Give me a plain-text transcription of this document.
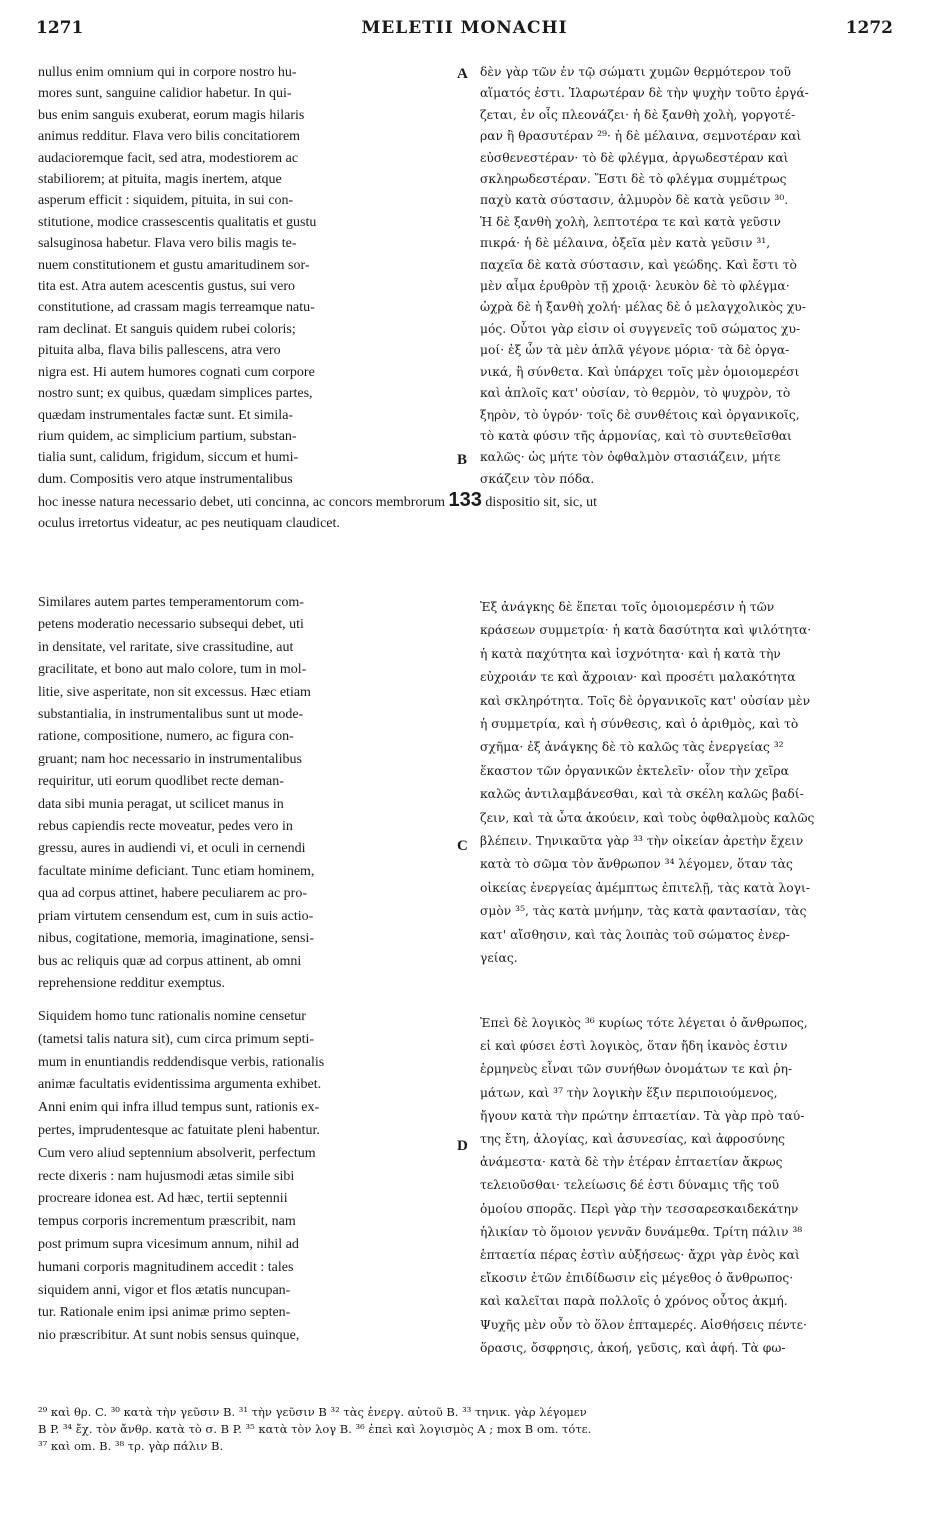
1271	MELETII MONACHI	1272
A
B
C
D
nullus enim omnium qui in corpore nostro hu-
mores sunt, sanguine calidior habetur. In qui-
bus enim sanguis exuberat, eorum magis hilaris
animus redditur. Flava vero bilis concitatiorem
audacioremque facit, sed atra, modestiorem ac
stabiliorem; at pituita, magis inertem, atque
asperum efficit : siquidem, pituita, in sui con-
stitutione, modice crassescentis qualitatis et gustu
salsuginosa habetur. Flava vero bilis magis te-
nuem constitutionem et gustu amaritudinem sor-
tita est. Atra autem acescentis gustus, sui vero
constitutione, ad crassam magis terreamque natu-
ram declinat. Et sanguis quidem rubei coloris;
pituita alba, flava bilis pallescens, atra vero
nigra est. Hi autem humores cognati cum corpore
nostro sunt; ex quibus, quædam simplices partes,
quædam instrumentales factæ sunt. Et simila-
rium quidem, ac simplicium partium, substan-
tialia sunt, calidum, frigidum, siccum et humi-
dum. Compositis vero atque instrumentalibus
δὲν γὰρ τῶν ἐν τῷ σώματι χυμῶν θερμότερον τοῦ
αἵματός ἐστι. Ἱλαρωτέραν δὲ τὴν ψυχὴν τοῦτο ἐργά-
ζεται, ἐν οἷς πλεονάζει· ἡ δὲ ξανθὴ χολὴ, γοργοτέ-
ραν ἢ θρασυτέραν ²⁹· ἡ δὲ μέλαινα, σεμνοτέραν καὶ
εὐσθενεστέραν· τὸ δὲ φλέγμα, ἀργωδεστέραν καὶ
σκληρωδεστέραν. Ἔστι δὲ τὸ φλέγμα συμμέτρως
παχὺ κατὰ σύστασιν, ἁλμυρὸν δὲ κατὰ γεῦσιν ³⁰.
Ἡ δὲ ξανθὴ χολὴ, λεπτοτέρα τε καὶ κατὰ γεῦσιν
πικρά· ἡ δὲ μέλαινα, ὀξεῖα μὲν κατὰ γεῦσιν ³¹,
παχεῖα δὲ κατὰ σύστασιν, καὶ γεώδης. Καὶ ἔστι τὸ
μὲν αἷμα ἐρυθρὸν τῇ χροιᾷ· λευκὸν δὲ τὸ φλέγμα·
ὠχρὰ δὲ ἡ ξανθὴ χολή· μέλας δὲ ὁ μελαγχολικὸς χυ-
μός. Οὗτοι γὰρ εἰσιν οἱ συγγενεῖς τοῦ σώματος χυ-
μοί· ἐξ ὧν τὰ μὲν ἁπλᾶ γέγονε μόρια· τὰ δὲ ὀργα-
νικά, ἢ σύνθετα. Καὶ ὑπάρχει τοῖς μὲν ὁμοιομερέσι
καὶ ἁπλοῖς κατ' οὐσίαν, τὸ θερμὸν, τὸ ψυχρὸν, τὸ
ξηρὸν, τὸ ὑγρόν· τοῖς δὲ συνθέτοις καὶ ὀργανικοῖς,
τὸ κατὰ φύσιν τῆς ἁρμονίας, καὶ τὸ συντεθεῖσθαι
καλῶς· ὡς μήτε τὸν ὀφθαλμὸν στασιάζειν, μήτε
σκάζειν τὸν πόδα.
hoc inesse natura necessario debet, uti concinna, ac concors membrorum 133 dispositio sit, sic, ut
oculus irretortus videatur, ac pes neutiquam claudicet.
Similares autem partes temperamentorum com-
petens moderatio necessario subsequi debet, uti
in densitate, vel raritate, sive crassitudine, aut
gracilitate, et bono aut malo colore, tum in mol-
litie, sive asperitate, non sit excessus. Hæc etiam
substantialia, in instrumentalibus sunt ut mode-
ratione, compositione, numero, ac figura con-
gruant; nam hoc necessario in instrumentalibus
requiritur, uti eorum quodlibet recte deman-
data sibi munia peragat, ut scilicet manus in
rebus capiendis recte moveatur, pedes vero in
gressu, aures in audiendi vi, et oculi in cernendi
facultate minime deficiant. Tunc etiam hominem,
qua ad corpus attinet, habere peculiarem ac pro-
priam virtutem censendum est, cum in suis actio-
nibus, cogitatione, memoria, imaginatione, sensi-
bus ac reliquis quæ ad corpus attinent, ab omni
reprehensione redditur exemptus.
Ἐξ ἀνάγκης δὲ ἕπεται τοῖς ὁμοιομερέσιν ἡ τῶν
κράσεων συμμετρία· ἡ κατὰ δασύτητα καὶ ψιλότητα·
ἡ κατὰ παχύτητα καὶ ἰσχνότητα· καὶ ἡ κατὰ τὴν
εὐχροιάν τε καὶ ἄχροιαν· καὶ προσέτι μαλακότητα
καὶ σκληρότητα. Τοῖς δὲ ὀργανικοῖς κατ' οὐσίαν μὲν
ἡ συμμετρία, καὶ ἡ σύνθεσις, καὶ ὁ ἀριθμὸς, καὶ τὸ
σχῆμα· ἐξ ἀνάγκης δὲ τὸ καλῶς τὰς ἐνεργείας ³²
ἕκαστον τῶν ὀργανικῶν ἐκτελεῖν· οἷον τὴν χεῖρα
καλῶς ἀντιλαμβάνεσθαι, καὶ τὰ σκέλη καλῶς βαδί-
ζειν, καὶ τὰ ὦτα ἀκούειν, καὶ τοὺς ὀφθαλμοὺς καλῶς
βλέπειν. Τηνικαῦτα γὰρ ³³ τὴν οἰκείαν ἀρετὴν ἔχειν
κατὰ τὸ σῶμα τὸν ἄνθρωπον ³⁴ λέγομεν, ὅταν τὰς
οἰκείας ἐνεργείας ἀμέμπτως ἐπιτελῇ, τὰς κατὰ λογι-
σμὸν ³⁵, τὰς κατὰ μνήμην, τὰς κατὰ φαντασίαν, τὰς
κατ' αἴσθησιν, καὶ τὰς λοιπὰς τοῦ σώματος ἐνερ-
γείας.
Siquidem homo tunc rationalis nomine censetur
(tametsi talis natura sit), cum circa primum septi-
mum in enuntiandis reddendisque verbis, rationalis
animæ facultatis evidentissima argumenta exhibet.
Anni enim qui infra illud tempus sunt, rationis ex-
pertes, imprudentesque ac fatuitate pleni habentur.
Cum vero aliud septennium absolverit, perfectum
recte dixeris : nam hujusmodi ætas simile sibi
procreare idonea est. Ad hæc, tertii septennii
tempus corporis incrementum præscribit, nam
post primum supra vicesimum annum, nihil ad
humani corporis magnitudinem accedit : tales
siquidem anni, vigor et flos ætatis nuncupan-
tur. Rationale enim ipsi animæ primo septen-
nio præscribitur. At sunt nobis sensus quinque,
Ἐπεὶ δὲ λογικὸς ³⁶ κυρίως τότε λέγεται ὁ ἄνθρωπος,
εἰ καὶ φύσει ἐστὶ λογικὸς, ὅταν ἤδη ἱκανὸς ἐστιν
ἑρμηνεὺς εἶναι τῶν συνήθων ὀνομάτων τε καὶ ῥη-
μάτων, καὶ ³⁷ τὴν λογικὴν ἕξιν περιποιούμενος,
ἤγουν κατὰ τὴν πρώτην ἑπταετίαν. Τὰ γὰρ πρὸ ταύ-
της ἔτη, ἀλογίας, καὶ ἀσυνεσίας, καὶ ἀφροσύνης
ἀνάμεστα· κατὰ δὲ τὴν ἑτέραν ἑπταετίαν ἄκρως
τελειοῦσθαι· τελείωσις δέ ἐστι δύναμις τῆς τοῦ
ὁμοίου σπορᾶς. Περὶ γὰρ τὴν τεσσαρεσκαιδεκάτην
ἡλικίαν τὸ ὅμοιον γεννᾶν δυνάμεθα. Τρίτη πάλιν ³⁸
ἑπταετία πέρας ἐστὶν αὐξήσεως· ἄχρι γὰρ ἑνὸς καὶ
εἴκοσιν ἐτῶν ἐπιδίδωσιν εἰς μέγεθος ὁ ἄνθρωπος·
καὶ καλεῖται παρὰ πολλοῖς ὁ χρόνος οὗτος ἀκμή.
Ψυχῆς μὲν οὖν τὸ ὅλον ἑπταμερές. Αἰσθήσεις πέντε·
ὅρασις, ὄσφρησις, ἀκοή, γεῦσις, καὶ ἁφή. Τὰ φω-
²⁹ καὶ θρ. C. ³⁰ κατὰ τὴν γεῦσιν B. ³¹ τὴν γεῦσιν B ³² τὰς ἐνεργ. αὐτοῦ B. ³³ τηνικ. γὰρ λέγομεν
B P. ³⁴ ἔχ. τὸν ἄνθρ. κατὰ τὸ σ. B P. ³⁵ κατὰ τὸν λογ B. ³⁶ ἐπεὶ καὶ λογισμὸς A ; mox B om. τότε.
³⁷ καὶ om. B. ³⁸ τρ. γὰρ πάλιν B.
